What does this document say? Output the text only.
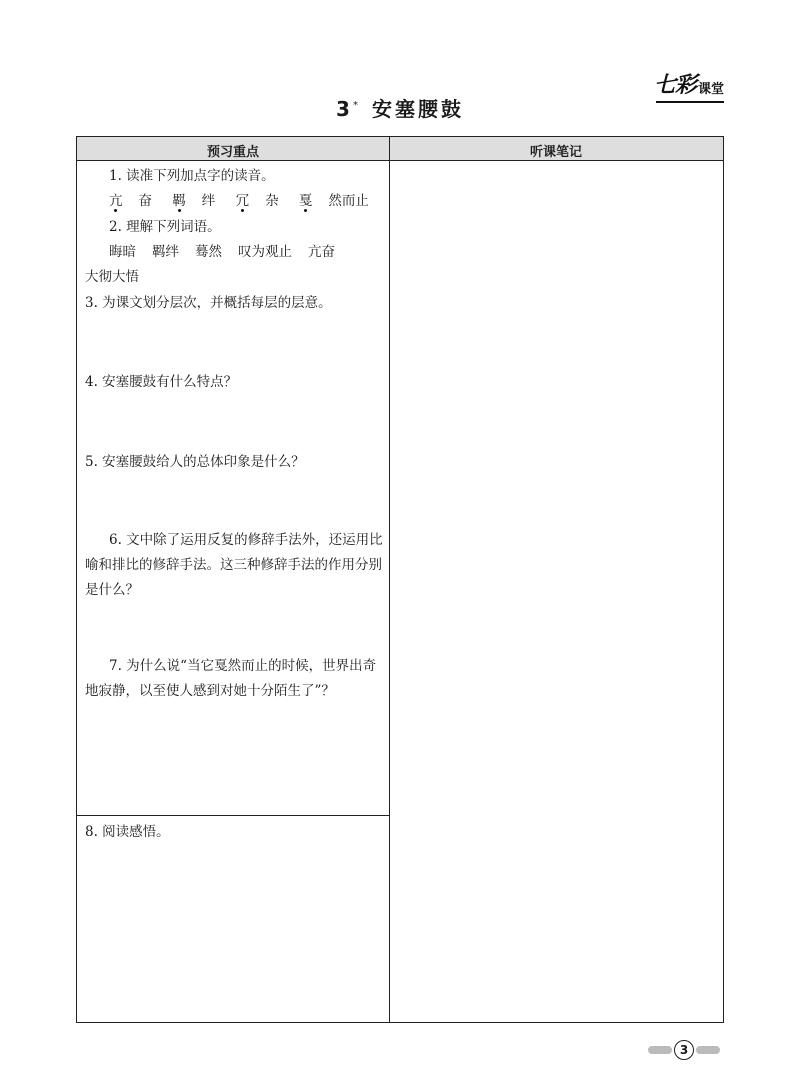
七彩 课堂
3* 安塞腰鼓
预习重点	听课笔记
1. 读准下列加点字的读音。
亢 奋 羁 绊 冗 杂 戛 然而止
2. 理解下列词语。
晦暗 羁绊 蓦然 叹为观止 亢奋
大彻大悟
3. 为课文划分层次，并概括每层的层意。
4. 安塞腰鼓有什么特点？
5. 安塞腰鼓给人的总体印象是什么？
6. 文中除了运用反复的修辞手法外，还运用比喻和排比的修辞手法。这三种修辞手法的作用分别是什么？
7. 为什么说“当它戛然而止的时候，世界出奇地寂静，以至使人感到对她十分陌生了”？
8. 阅读感悟。
3
